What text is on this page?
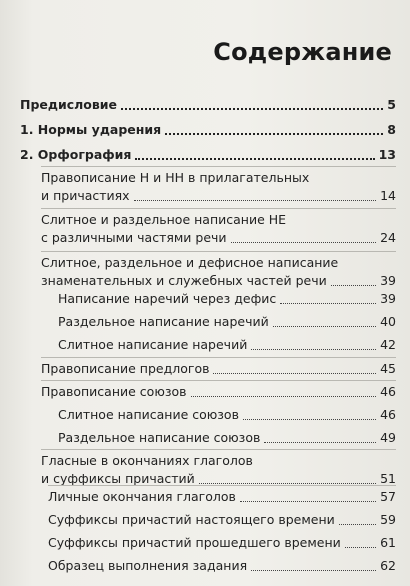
Содержание
Предисловие	5
1. Нормы ударения	8
2. Орфография	13
Правописание Н и НН в прилагательных
и причастиях	14
Слитное и раздельное написание НЕ
с различными частями речи	24
Слитное, раздельное и дефисное написание
знаменательных и служебных частей речи	39
Написание наречий через дефис	39
Раздельное написание наречий	40
Слитное написание наречий	42
Правописание предлогов	45
Правописание союзов	46
Слитное написание союзов	46
Раздельное написание союзов	49
Гласные в окончаниях глаголов
и суффиксы причастий	51
Личные окончания глаголов	57
Суффиксы причастий настоящего времени	59
Суффиксы причастий прошедшего времени	61
Образец выполнения задания	62
